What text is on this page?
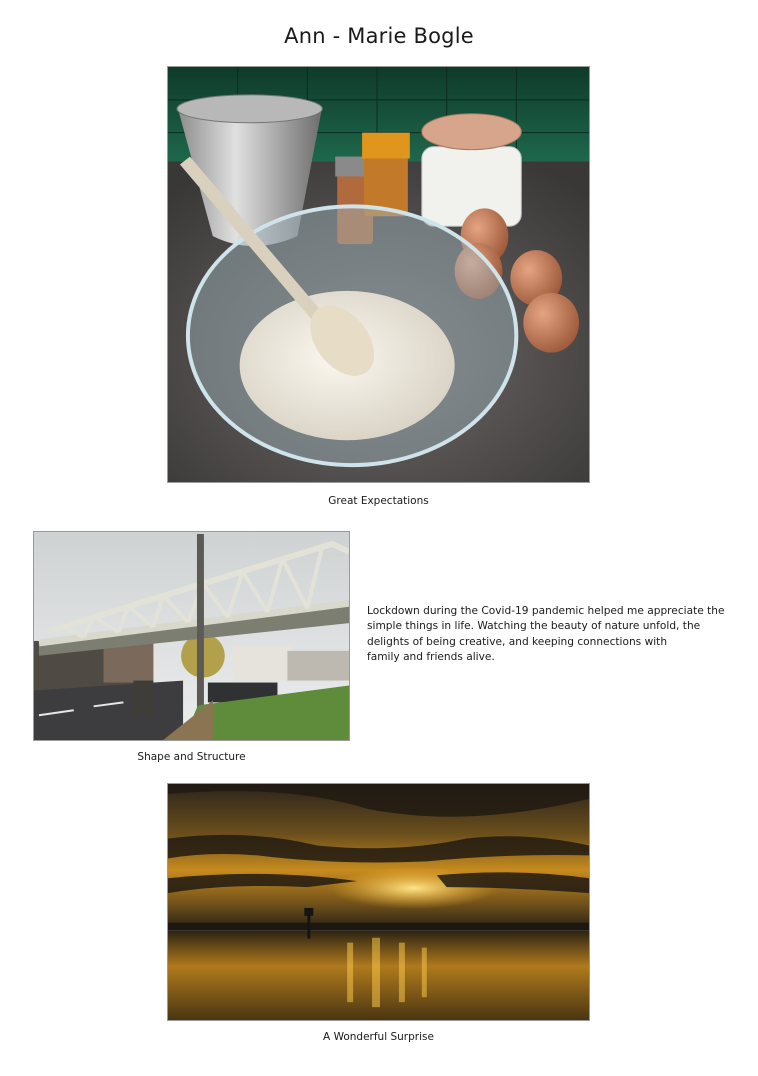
Ann - Marie Bogle
Great Expectations
Shape and Structure
Lockdown during the Covid-19 pandemic helped me appreciate the
simple things in life. Watching the beauty of nature unfold, the
delights of being creative, and keeping connections with
family and friends alive.
A Wonderful Surprise
